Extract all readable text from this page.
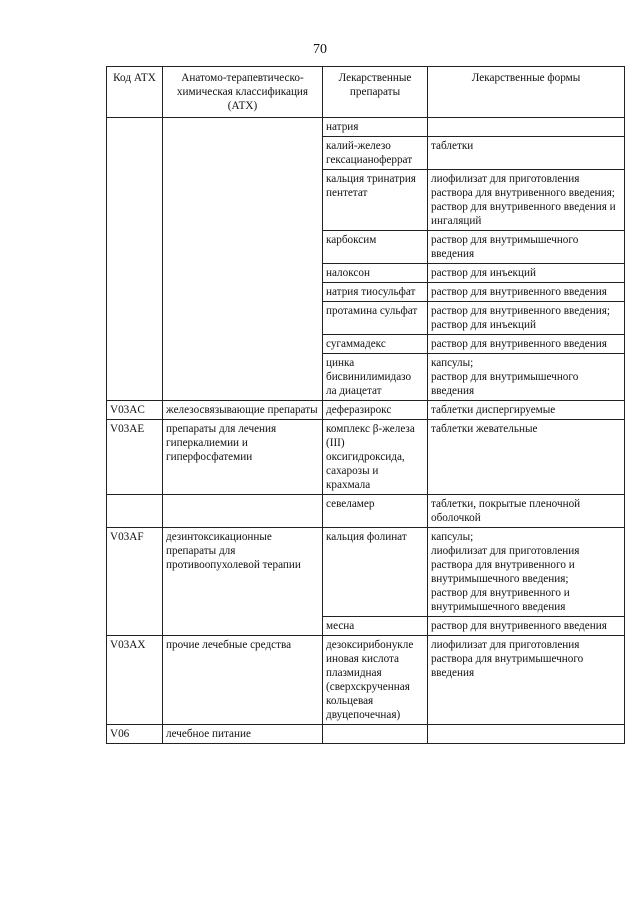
70
Код АТХ	Анатомо-терапевтическо-химическая классификация (АТХ)	Лекарственные препараты	Лекарственные формы
		натрия	
		калий-железо гексацианоферрат	таблетки

		кальция тринатрия пентетат	лиофилизат для приготовления раствора для внутривенного введения;
раствор для внутривенного введения и ингаляций

		карбоксим	раствор для внутримышечного введения

		налоксон	раствор для инъекций

		натрия тиосульфат	раствор для внутривенного введения

		протамина сульфат	раствор для внутривенного введения;
раствор для инъекций

		сугаммадекс	раствор для внутривенного введения

		цинка бисвинилимидазо ла диацетат	капсулы;
раствор для внутримышечного введения

V03AC	железосвязывающие препараты	деферазирокс	таблетки диспергируемые

V03AE	препараты для лечения гиперкалиемии и гиперфосфатемии	комплекс β-железа (III) оксигидроксида, сахарозы и крахмала	таблетки жевательные

		севеламер	таблетки, покрытые пленочной оболочкой

V03AF	дезинтоксикационные препараты для противоопухолевой терапии	кальция фолинат	капсулы;
лиофилизат для приготовления раствора для внутривенного и внутримышечного введения;
раствор для внутривенного и внутримышечного введения

		месна	раствор для внутривенного введения

V03AX	прочие лечебные средства	дезоксирибонукле иновая кислота плазмидная (сверхскрученная кольцевая двуцепочечная)	лиофилизат для приготовления раствора для внутримышечного введения

V06	лечебное питание		
